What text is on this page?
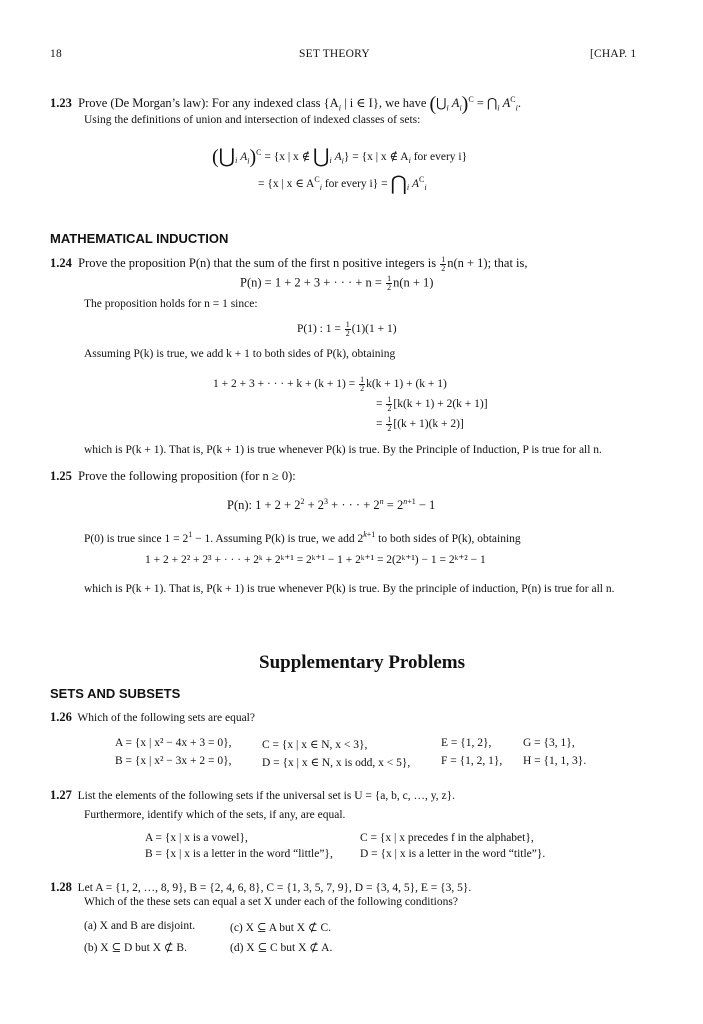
18	SET THEORY	[CHAP. 1
1.23 Prove (De Morgan’s law): For any indexed class {$A_i$ | i ∈ I}, we have ($⋃_i$ $A_i)^C$ = $⋂_i$ $A^C_i$.
Using the definitions of union and intersection of indexed classes of sets:
($⋃_i$ $A_i)^C = \{x$ | x ∉ $⋃_i$ $A_i\} = \{x$ | x ∉ $A_i$ for every i}
= {x | x ∈ $A^C_i$ for every $i\} = ⋂_i$ $A^C_i$
MATHEMATICAL INDUCTION
1.24 Prove the proposition P(n) that the sum of the first n positive integers is $\frac{1}{2} n(n + 1)$; that is,
P(n) = 1 + 2 + 3 + · · · + $n = \frac{1}{2} n(n + 1)$
The proposition holds for n = 1 since:
P(1) : $1 = \frac{1}{2} (1)(1 + 1)$
Assuming P(k) is true, we add k + 1 to both sides of P(k), obtaining
1 + 2 + 3 + · · · + $k + (k + 1) = \frac{1}{2} k(k + 1) + (k + 1)$
= $\frac{1}{2} [k(k + 1) + 2(k + 1)]$
= $\frac{1}{2} [(k + 1)(k + 2)]$
which is P(k + 1). That is, P(k + 1) is true whenever P(k) is true. By the Principle of Induction, P is true for all n.
1.25 Prove the following proposition (for n ≥ 0):
P(n): $1 + 2 + 2^2 + 2^3$ + · · · + $2^n = 2^{n+1} - 1$
P(0) is true since $1 = 2^1 - 1$. Assuming P(k) is true, we add $2^{k+1}$ to both sides of P(k), obtaining
1 + 2 + 2² + 2³ + · · · + 2ᵏ + 2ᵏ⁺¹ = 2ᵏ⁺¹ − 1 + 2ᵏ⁺¹ = 2(2ᵏ⁺¹) − 1 = 2ᵏ⁺² − 1
which is P(k + 1). That is, P(k + 1) is true whenever P(k) is true. By the principle of induction, P(n) is true for all n.
Supplementary Problems
SETS AND SUBSETS
1.26 Which of the following sets are equal?
A = {x | x² − 4x + 3 = 0},	C = {x | x ∈ N, x < 3},	E = {1, 2},	G = {3, 1},
B = {x | x² − 3x + 2 = 0},	D = {x | x ∈ N, x is odd, x < 5},	F = {1, 2, 1}, H = {1, 1, 3}.
1.27 List the elements of the following sets if the universal set is U = {a, b, c, …, y, z}.
Furthermore, identify which of the sets, if any, are equal.
A = {x | x is a vowel},	C = {x | x precedes f in the alphabet},
B = {x | x is a letter in the word “little”}, D = {x | x is a letter in the word “title”}.
1.28 Let A = {1, 2, …, 8, 9}, B = {2, 4, 6, 8}, C = {1, 3, 5, 7, 9}, D = {3, 4, 5}, E = {3, 5}.
Which of the these sets can equal a set X under each of the following conditions?
(a) X and B are disjoint.	(c) X ⊆ A but X ⊄ C.
(b) X ⊆ D but X ⊄ B.	(d) X ⊆ C but X ⊄ A.
